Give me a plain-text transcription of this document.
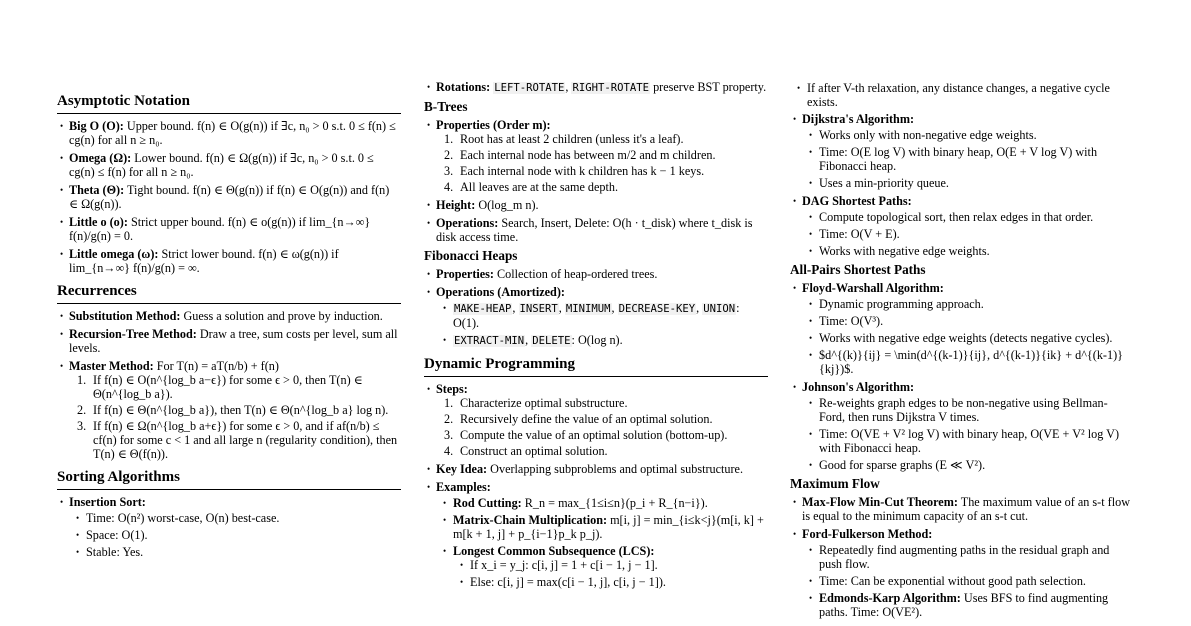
Asymptotic Notation
• Big O (O): Upper bound. f(n) ∈ O(g(n)) if ∃c, n₀ > 0 s.t. 0 ≤ f(n) ≤ cg(n) for all n ≥ n₀.
• Omega (Ω): Lower bound. f(n) ∈ Ω(g(n)) if ∃c, n₀ > 0 s.t. 0 ≤ cg(n) ≤ f(n) for all n ≥ n₀.
• Theta (Θ): Tight bound. f(n) ∈ Θ(g(n)) if f(n) ∈ O(g(n)) and f(n) ∈ Ω(g(n)).
• Little o (o): Strict upper bound. f(n) ∈ o(g(n)) if lim_{n→∞} f(n)/g(n) = 0.
• Little omega (ω): Strict lower bound. f(n) ∈ ω(g(n)) if lim_{n→∞} f(n)/g(n) = ∞.
Recurrences
• Substitution Method: Guess a solution and prove by induction.
• Recursion-Tree Method: Draw a tree, sum costs per level, sum all levels.
• Master Method: For T(n) = aT(n/b) + f(n)
1. If f(n) ∈ O(n^{log_b a−ϵ}) for some ϵ > 0, then T(n) ∈ Θ(n^{log_b a}).
2. If f(n) ∈ Θ(n^{log_b a}), then T(n) ∈ Θ(n^{log_b a} log n).
3. If f(n) ∈ Ω(n^{log_b a+ϵ}) for some ϵ > 0, and if af(n/b) ≤ cf(n) for some c < 1 and all large n (regularity condition), then T(n) ∈ Θ(f(n)).
Sorting Algorithms
• Insertion Sort:
• Time: O(n²) worst-case, O(n) best-case.
• Space: O(1).
• Stable: Yes.
• Rotations: LEFT-ROTATE, RIGHT-ROTATE preserve BST property.
B-Trees
• Properties (Order m):
1. Root has at least 2 children (unless it's a leaf).
2. Each internal node has between m/2 and m children.
3. Each internal node with k children has k − 1 keys.
4. All leaves are at the same depth.
• Height: O(log_m n).
• Operations: Search, Insert, Delete: O(h · t_disk) where t_disk is disk access time.
Fibonacci Heaps
• Properties: Collection of heap-ordered trees.
• Operations (Amortized):
• MAKE-HEAP, INSERT, MINIMUM, DECREASE-KEY, UNION: O(1).
• EXTRACT-MIN, DELETE: O(log n).
Dynamic Programming
• Steps:
1. Characterize optimal substructure.
2. Recursively define the value of an optimal solution.
3. Compute the value of an optimal solution (bottom-up).
4. Construct an optimal solution.
• Key Idea: Overlapping subproblems and optimal substructure.
• Examples:
• Rod Cutting: R_n = max_{1≤i≤n}(p_i + R_{n−i}).
• Matrix-Chain Multiplication: m[i, j] = min_{i≤k<j}(m[i, k] + m[k + 1, j] + p_{i−1}p_k p_j).
• Longest Common Subsequence (LCS):
• If x_i = y_j: c[i, j] = 1 + c[i − 1, j − 1].
• Else: c[i, j] = max(c[i − 1, j], c[i, j − 1]).
• If after V-th relaxation, any distance changes, a negative cycle exists.
• Dijkstra's Algorithm:
• Works only with non-negative edge weights.
• Time: O(E log V) with binary heap, O(E + V log V) with Fibonacci heap.
• Uses a min-priority queue.
• DAG Shortest Paths:
• Compute topological sort, then relax edges in that order.
• Time: O(V + E).
• Works with negative edge weights.
All-Pairs Shortest Paths
• Floyd-Warshall Algorithm:
• Dynamic programming approach.
• Time: O(V³).
• Works with negative edge weights (detects negative cycles).
• $d^{(k)}{ij} = \min(d^{(k-1)}{ij}, d^{(k-1)}{ik} + d^{(k-1)}{kj})$.
• Johnson's Algorithm:
• Re-weights graph edges to be non-negative using Bellman-Ford, then runs Dijkstra V times.
• Time: O(VE + V² log V) with binary heap, O(VE + V² log V) with Fibonacci heap.
• Good for sparse graphs (E ≪ V²).
Maximum Flow
• Max-Flow Min-Cut Theorem: The maximum value of an s-t flow is equal to the minimum capacity of an s-t cut.
• Ford-Fulkerson Method:
• Repeatedly find augmenting paths in the residual graph and push flow.
• Time: Can be exponential without good path selection.
• Edmonds-Karp Algorithm: Uses BFS to find augmenting paths. Time: O(VE²).
